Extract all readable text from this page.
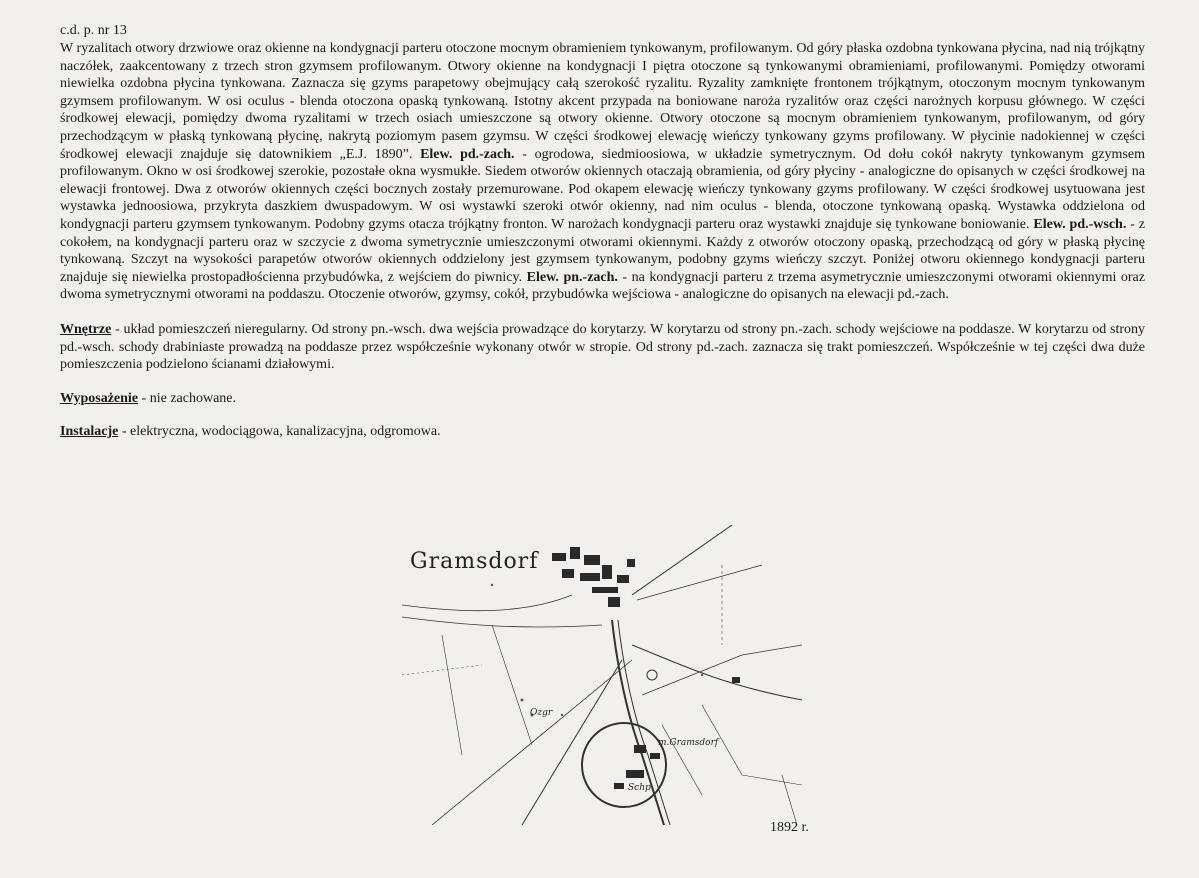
c.d. p. nr 13

W ryzalitach otwory drzwiowe oraz okienne na kondygnacji parteru otoczone mocnym obramieniem tynkowanym, profilowanym. Od góry płaska ozdobna tynkowana płycina, nad nią trójkątny naczółek, zaakcentowany z trzech stron gzymsem profilowanym. Otwory okienne na kondygnacji I piętra otoczone są tynkowanymi obramieniami, profilowanymi. Pomiędzy otworami niewielka ozdobna płycina tynkowana. Zaznacza się gzyms parapetowy obejmujący całą szerokość ryzalitu. Ryzality zamknięte frontonem trójkątnym, otoczonym mocnym tynkowanym gzymsem profilowanym. W osi oculus - blenda otoczona opaską tynkowaną. Istotny akcent przypada na boniowane naroża ryzalitów oraz części narożnych korpusu głównego. W części środkowej elewacji, pomiędzy dwoma ryzalitami w trzech osiach umieszczone są otwory okienne. Otwory otoczone są mocnym obramieniem tynkowanym, profilowanym, od góry przechodzącym w płaską tynkowaną płycinę, nakrytą poziomym pasem gzymsu. W części środkowej elewację wieńczy tynkowany gzyms profilowany. W płycinie nadokiennej w części środkowej elewacji znajduje się datownikiem „E.J. 1890”. Elew. pd.-zach. - ogrodowa, siedmioosiowa, w układzie symetrycznym. Od dołu cokół nakryty tynkowanym gzymsem profilowanym. Okno w osi środkowej szerokie, pozostałe okna wysmukłe. Siedem otworów okiennych otaczają obramienia, od góry płyciny - analogiczne do opisanych w części środkowej na elewacji frontowej. Dwa z otworów okiennych części bocznych zostały przemurowane. Pod okapem elewację wieńczy tynkowany gzyms profilowany. W części środkowej usytuowana jest wystawka jednoosiowa, przykryta daszkiem dwuspadowym. W osi wystawki szeroki otwór okienny, nad nim oculus - blenda, otoczone tynkowaną opaską. Wystawka oddzielona od kondygnacji parteru gzymsem tynkowanym. Podobny gzyms otacza trójkątny fronton. W narożach kondygnacji parteru oraz wystawki znajduje się tynkowane boniowanie. Elew. pd.-wsch. - z cokołem, na kondygnacji parteru oraz w szczycie z dwoma symetrycznie umieszczonymi otworami okiennymi. Każdy z otworów otoczony opaską, przechodzącą od góry w płaską płycinę tynkowaną. Szczyt na wysokości parapetów otworów okiennych oddzielony jest gzymsem tynkowanym, podobny gzyms wieńczy szczyt. Poniżej otworu okiennego kondygnacji parteru znajduje się niewielka prostopadłościenna przybudówka, z wejściem do piwnicy. Elew. pn.-zach. - na kondygnacji parteru z trzema asymetrycznie umieszczonymi otworami okiennymi oraz dwoma symetrycznymi otworami na poddaszu. Otoczenie otworów, gzymsy, cokół, przybudówka wejściowa - analogiczne do opisanych na elewacji pd.-zach.

Wnętrze - układ pomieszczeń nieregularny. Od strony pn.-wsch. dwa wejścia prowadzące do korytarzy. W korytarzu od strony pn.-zach. schody wejściowe na poddasze. W korytarzu od strony pd.-wsch. schody drabiniaste prowadzą na poddasze przez współcześnie wykonany otwór w stropie. Od strony pd.-zach. zaznacza się trakt pomieszczeń. Współcześnie w tej części dwa duże pomieszczenia podzielono ścianami działowymi.

Wyposażenie - nie zachowane.

Instalacje - elektryczna, wodociągowa, kanalizacyjna, odgromowa.

Gramsdorf
m.Gramsdorf
Schp
Ozgr
1892 r.
